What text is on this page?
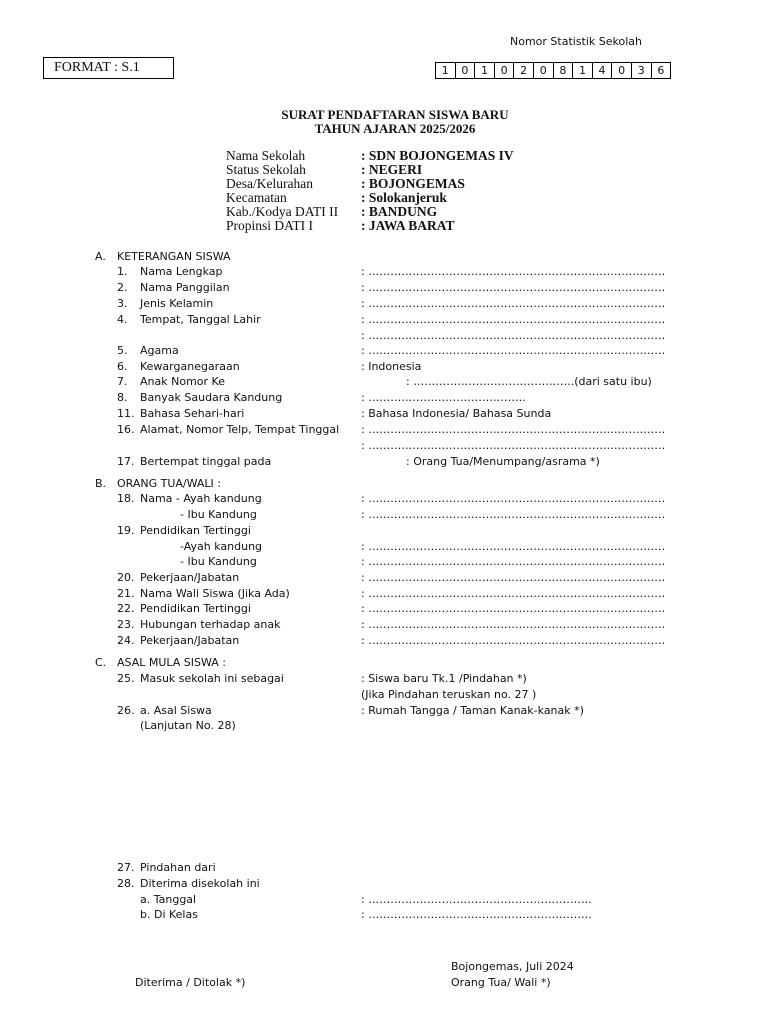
FORMAT : S.1
Nomor Statistik Sekolah
1	0	1	0	2	0	8	1	4	0	3	6
SURAT PENDAFTARAN SISWA BARU
TAHUN AJARAN 2025/2026
Nama Sekolah	: SDN BOJONGEMAS IV
Status Sekolah	: NEGERI
Desa/Kelurahan	: BOJONGEMAS
Kecamatan	: Solokanjeruk
Kab./Kodya DATI II : BANDUNG
Propinsi DATI I	: JAWA BARAT
A. KETERANGAN SISWA
1. Nama Lengkap	: ………………………………………………………………………
2. Nama Panggilan	: ………………………………………………………………………
3. Jenis Kelamin	: ………………………………………………………………………
4. Tempat, Tanggal Lahir	: ………………………………………………………………………
: ………………………………………………………………………
5. Agama	: ………………………………………………………………………
6. Kewarganegaraan	: Indonesia
7. Anak Nomor Ke	: ……………………………………..(dari satu ibu)
8. Banyak Saudara Kandung	: …………………………………….
11. Bahasa Sehari-hari	: Bahasa Indonesia/ Bahasa Sunda
16. Alamat, Nomor Telp, Tempat Tinggal : ………………………………………………………………………
: ………………………………………………………………………
17. Bertempat tinggal pada	: Orang Tua/Menumpang/asrama *)
B. ORANG TUA/WALI :
18. Nama - Ayah kandung	: ………………………………………………………………………
- Ibu Kandung	: ………………………………………………………………………
19. Pendidikan Tertinggi
-Ayah kandung	: ………………………………………………………………………
- Ibu Kandung	: ………………………………………………………………………
20. Pekerjaan/Jabatan	: ………………………………………………………………………
21. Nama Wali Siswa (Jika Ada)	: ………………………………………………………………………
22. Pendidikan Tertinggi	: ………………………………………………………………………
23. Hubungan terhadap anak	: ………………………………………………………………………
24. Pekerjaan/Jabatan	: ………………………………………………………………………
C. ASAL MULA SISWA :
25. Masuk sekolah ini sebagai	: Siswa baru Tk.1 /Pindahan *)
(Jika Pindahan teruskan no. 27 )
26. a. Asal Siswa	: Rumah Tangga / Taman Kanak-kanak *)
(Lanjutan No. 28)
27. Pindahan dari
28. Diterima disekolah ini
a. Tanggal	: …………………………………………………….
b. Di Kelas	: …………………………………………………….
Bojongemas, Juli 2024
Diterima / Ditolak *)	Orang Tua/ Wali *)
